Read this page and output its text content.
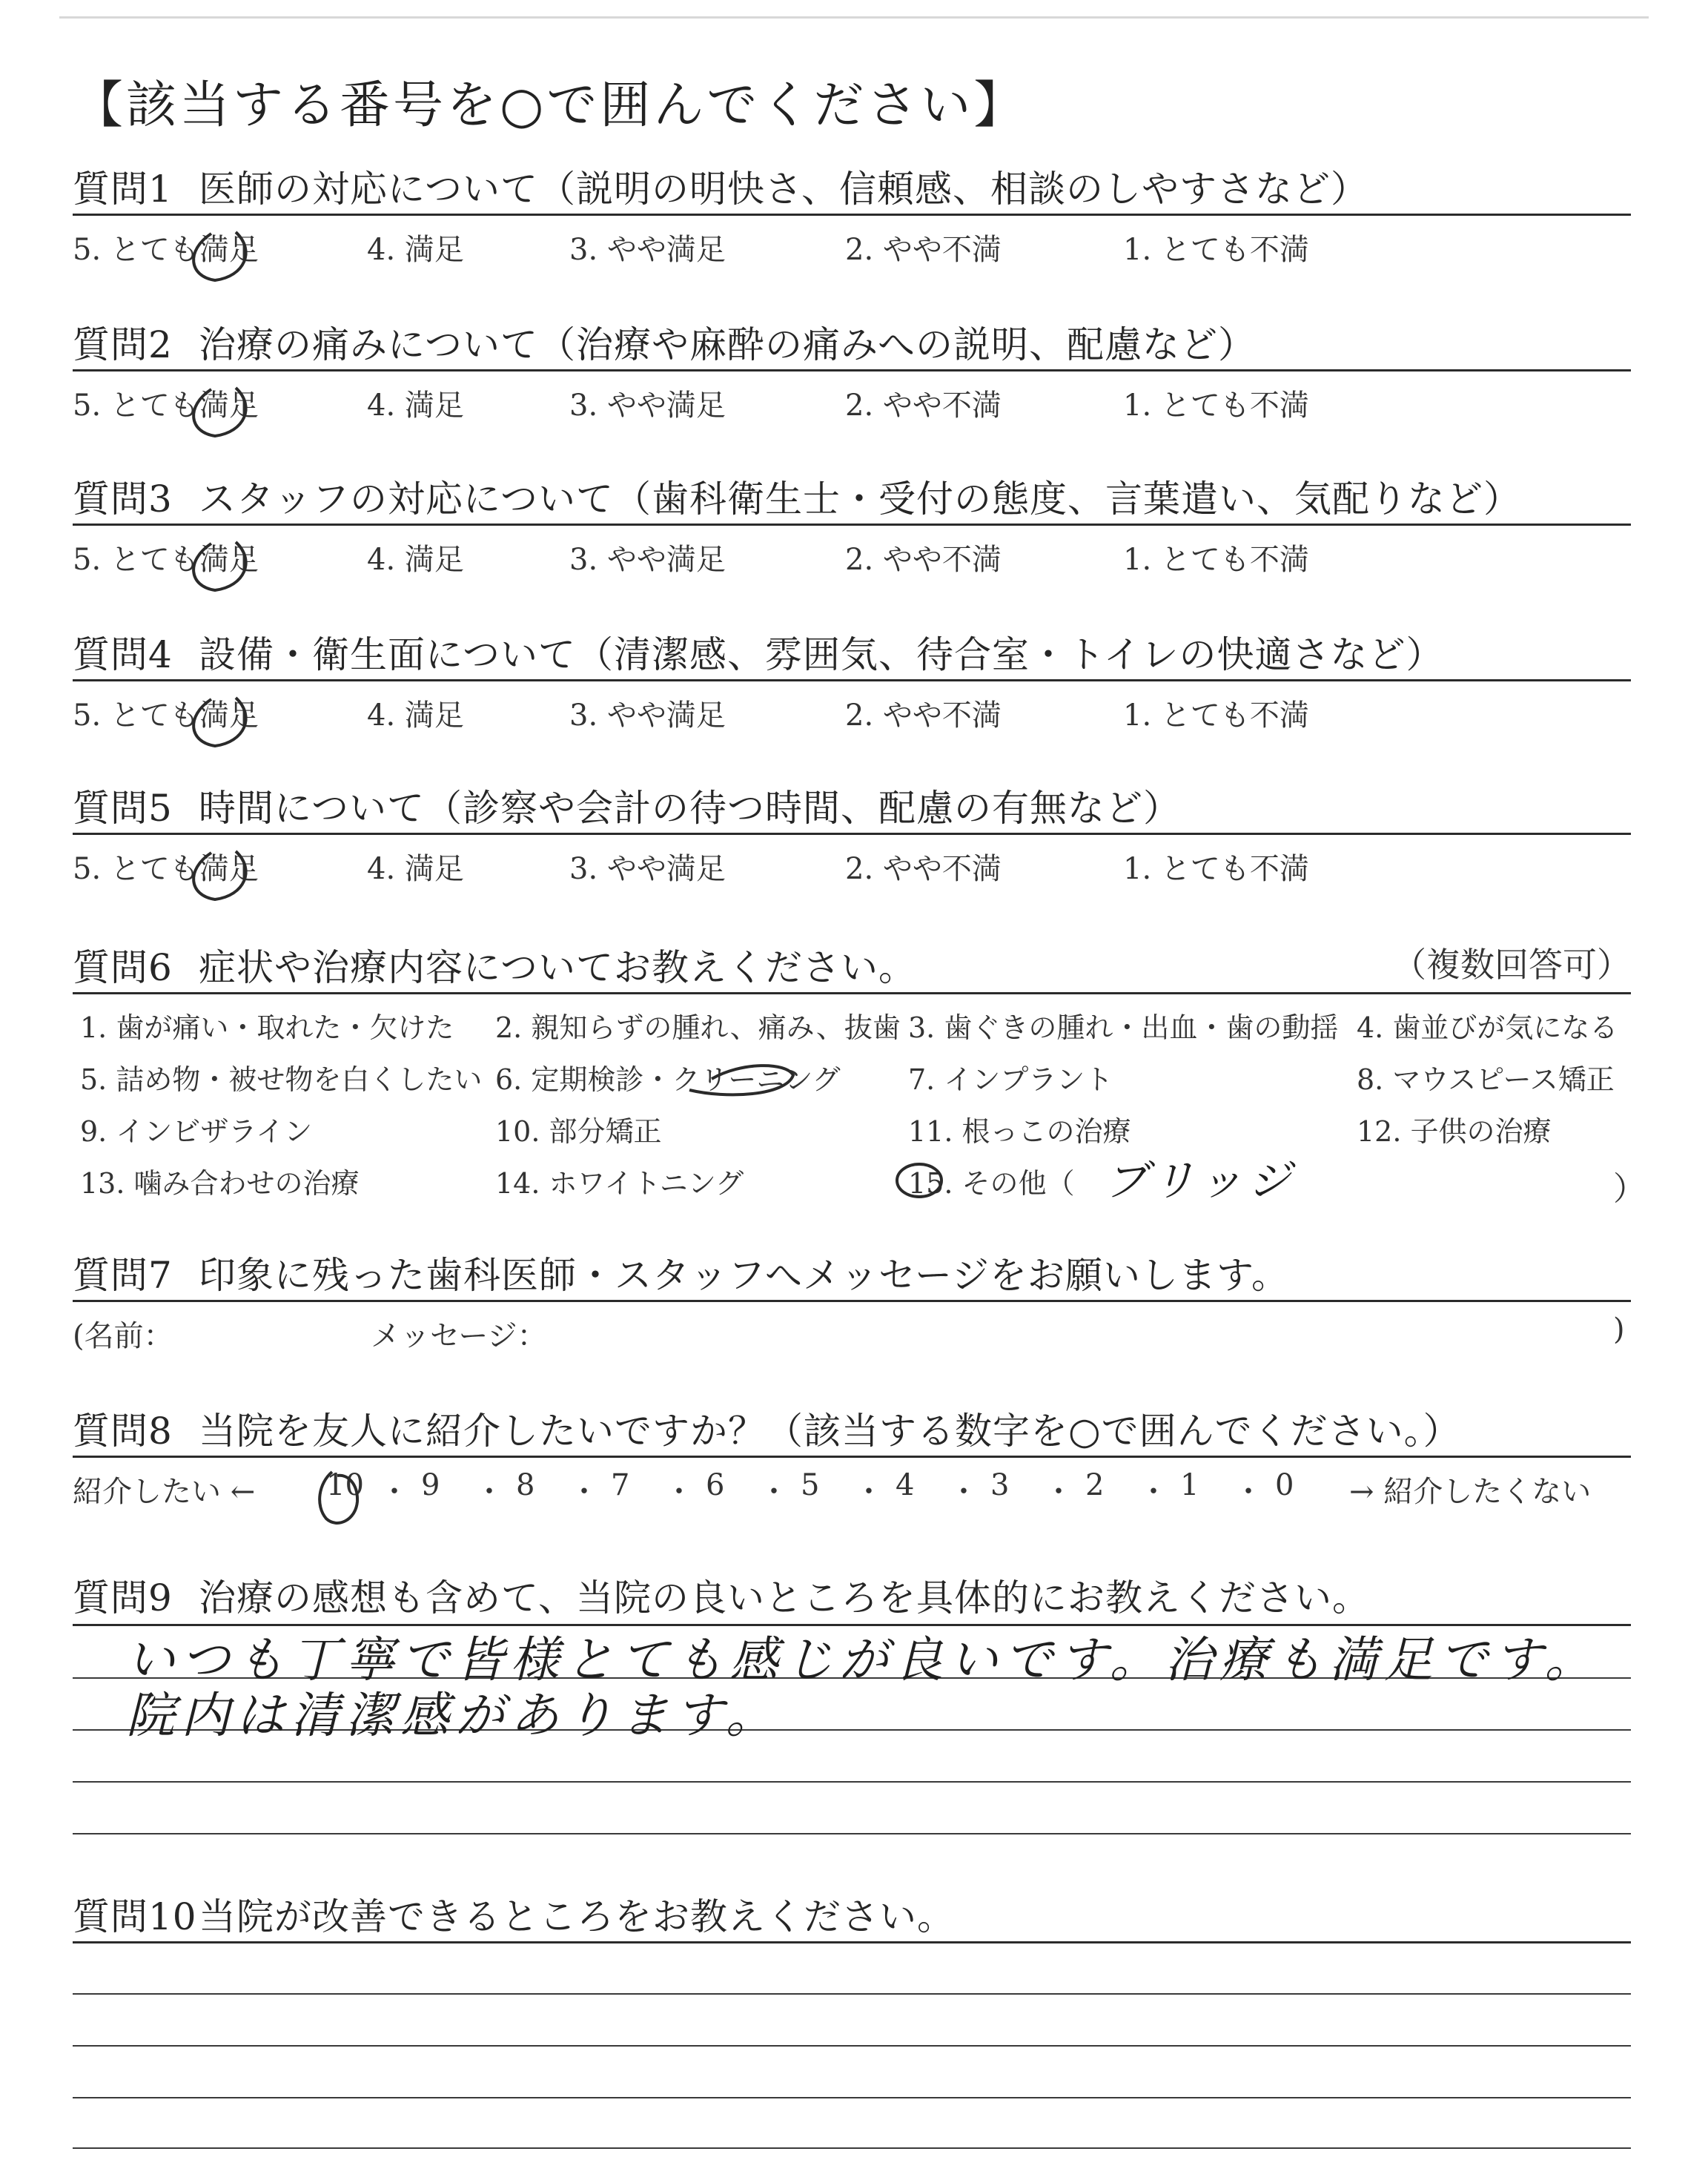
【該当する番号を○で囲んでください】
質問1 医師の対応について（説明の明快さ、信頼感、相談のしやすさなど）
5. とても満足	4. 満足	3. やや満足	2. やや不満	1. とても不満
質問2 治療の痛みについて（治療や麻酔の痛みへの説明、配慮など）
5. とても満足	4. 満足	3. やや満足	2. やや不満	1. とても不満
質問3 スタッフの対応について（歯科衛生士・受付の態度、言葉遣い、気配りなど）
5. とても満足	4. 満足	3. やや満足	2. やや不満	1. とても不満
質問4 設備・衛生面について（清潔感、雰囲気、待合室・トイレの快適さなど）
5. とても満足	4. 満足	3. やや満足	2. やや不満	1. とても不満
質問5 時間について（診察や会計の待つ時間、配慮の有無など）
5. とても満足	4. 満足	3. やや満足	2. やや不満	1. とても不満
質問6 症状や治療内容についてお教えください。	（複数回答可）
1. 歯が痛い・取れた・欠けた 2. 親知らずの腫れ、痛み、抜歯 3. 歯ぐきの腫れ・出血・歯の動揺 4. 歯並びが気になる
5. 詰め物・被せ物を白くしたい 6. 定期検診・クリーニング 7. インプラント	8. マウスピース矯正
9. インビザライン	10. 部分矯正	11. 根っこの治療	12. 子供の治療
13. 噛み合わせの治療	14. ホワイトニング	15. その他（	）
ブリッジ
質問7 印象に残った歯科医師・スタッフへメッセージをお願いします。
(名前：	メッセージ：	)
質問8 当院を友人に紹介したいですか？（該当する数字を○で囲んでください。）
紹介したい ←	→ 紹介したくない
10 ・ 9 ・ 8 ・ 7 ・ 6 ・ 5 ・ 4 ・ 3 ・ 2 ・ 1 ・ 0
質問9 治療の感想も含めて、当院の良いところを具体的にお教えください。
いつも丁寧で皆様とても感じが良いです。治療も満足です。
院内は清潔感があります。
質問10当院が改善できるところをお教えください。
